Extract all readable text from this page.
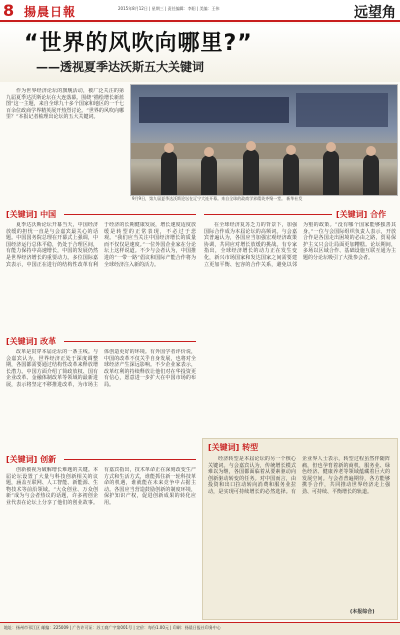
8 揚晨日報	2015年8月12日 | 星期三 | 责任编辑：李阳 | 美编：王伟	远望角
“世界的风吹向哪里?”
——透视夏季达沃斯五大关键词
作为世界经济论坛的旗舰活动，被广泛关注的第九届夏季达沃斯论坛在大连落幕。围绕“描绘增长新蓝图”这一主题，来自全球九十多个国家和地区的一千七百余位政商学界精英展开热烈讨论。“世界的风吹向哪里？”本报记者梳理出论坛的五大关键词。
9月9日，第九届夏季达沃斯论坛在辽宁大连开幕。来自全球的政商学界精英齐聚一堂。 新华社发
[关键词] 中国
夏季达沃斯论坛开幕当天，中国经济放缓的担忧一直是与会嘉宾最关心的话题。中国国务院总理在开幕式上强调，中国经济运行总体平稳，仍处于合理区间，有能力保持中高速增长，中国的发展仍然是世界经济增长的重要动力。多位国际嘉宾表示，中国正在进行的结构性改革有利于经济的长期健康发展，增长速度适度放缓是转型的正常表现，不必过于悲观。“我们应当关注中国经济增长的质量而不仅仅是速度。”一位外国企业家在分论坛上这样说道。不少与会者认为，中国推进的“一带一路”倡议和国际产能合作将为全球经济注入新的活力。
[关键词] 合作
在全球经济复苏乏力的背景下，加强国际合作成为本届论坛的高频词。与会嘉宾普遍认为，各国应当加强宏观经济政策协调，共同应对增长放缓的挑战。有专家指出，全球经济增长的动力正在发生变化，新兴市场国家和发达国家之间需要建立更加平衡、包容的合作关系，避免以邻为壑的政策。“没有哪个国家能够独善其身。”一位与会国际组织负责人表示，开放合作是各国走出困境的必由之路，贸易保护主义只会让局面更加糟糕。论坛期间，多场以区域合作、基础设施互联互通为主题的分论坛吸引了大批参会者。
[关键词] 改革
改革是贯穿本届论坛的一条主线。与会嘉宾认为，世界经济正处于深度调整期，各国都需要通过结构性改革来释放增长潜力。中国方面介绍了简政放权、国有企业改革、金融体制改革等领域的最新进展，表示将坚定不移推进改革，为市场主体创造更好的环境。有外国学者评价说，中国的改革不仅关乎自身发展，也将对全球经济产生深远影响。不少企业家表示，改革红利的持续释放让他们对在华投资更有信心，愿意进一步扩大在中国市场的布局。
[关键词] 创新
创新被视为破解增长难题的关键。本届论坛设置了大量与科技创新相关的议题，涵盖互联网、人工智能、新能源、生物技术等前沿领域。“大众创业、万众创新”成为与会者热议的话题，许多初创企业代表在论坛上分享了他们的创业故事。有嘉宾指出，技术革命正在深刻改变生产方式和生活方式，谁能抓住新一轮科技革命的机遇，谁就能在未来竞争中占据主动。各国应当营造鼓励创新的制度环境，保护知识产权，促进创新成果的转化应用。
[关键词] 转型
经济转型是本届论坛的另一个核心关键词。与会嘉宾认为，传统增长模式难以为继，各国都面临着从要素驱动向创新驱动转变的任务。对中国而言，由投资和出口拉动转向消费和服务业拉动，是实现可持续增长的必然选择。有企业界人士表示，转型过程虽然伴随阵痛，但也孕育着新的商机，服务业、绿色经济、健康养老等领域蕴藏着巨大的发展空间。与会者普遍期待，各方能够携手合作，共同推动世界经济走上强劲、可持续、平衡增长的轨道。
(本报综合)
地址：扬州市邗江区 邮编：225009 | 广告许可证：苏工商广字第001号 | 定价：每份1.00元 | 印刷：扬晨日报社印务中心
